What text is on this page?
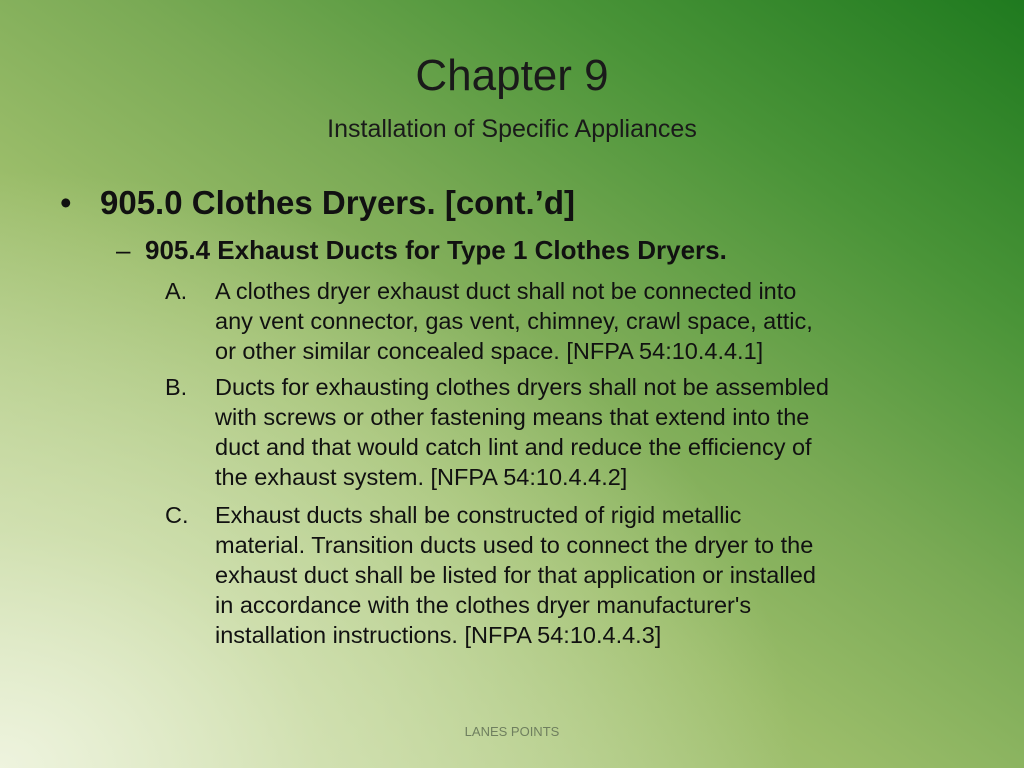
Chapter 9
Installation of Specific Appliances
• 905.0 Clothes Dryers. [cont.’d]
– 905.4 Exhaust Ducts for Type 1 Clothes Dryers.
A.	A clothes dryer exhaust duct shall not be connected into
any vent connector, gas vent, chimney, crawl space, attic,
or other similar concealed space. [NFPA 54:10.4.4.1]
B.	Ducts for exhausting clothes dryers shall not be assembled
with screws or other fastening means that extend into the
duct and that would catch lint and reduce the efficiency of
the exhaust system. [NFPA 54:10.4.4.2]
C.	Exhaust ducts shall be constructed of rigid metallic
material. Transition ducts used to connect the dryer to the
exhaust duct shall be listed for that application or installed
in accordance with the clothes dryer manufacturer's
installation instructions. [NFPA 54:10.4.4.3]
LANES POINTS
